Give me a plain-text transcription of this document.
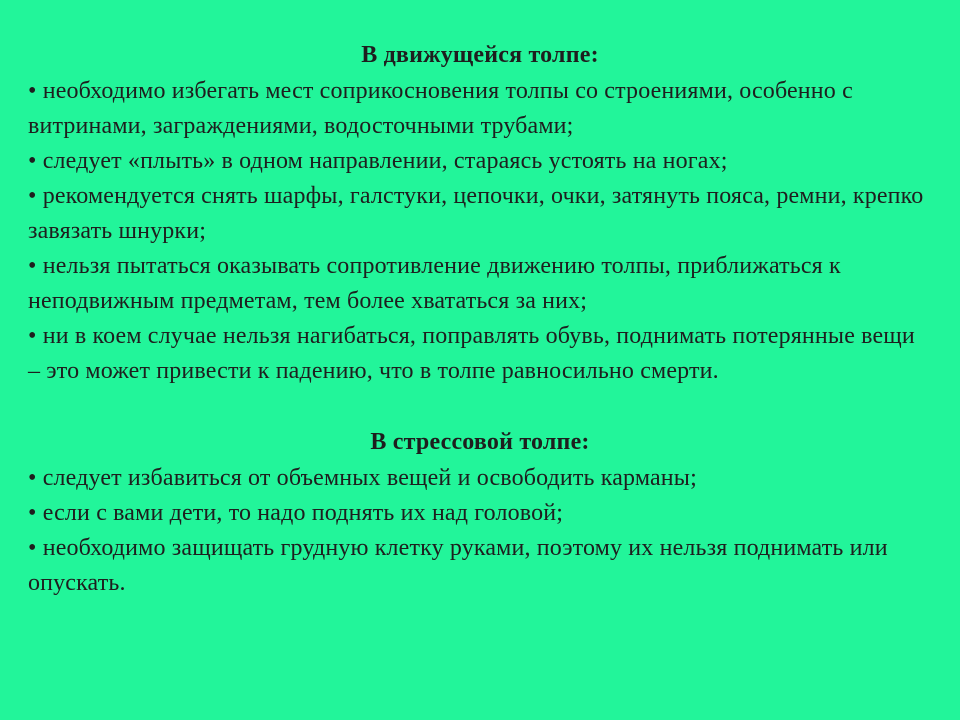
В движущейся толпе:

• необходимо избегать мест соприкосновения толпы со строениями, особенно с витринами, заграждениями, водосточными трубами;

• следует «плыть» в одном направлении, стараясь устоять на ногах;

• рекомендуется снять шарфы, галстуки, цепочки, очки, затянуть пояса, ремни, крепко завязать шнурки;

• нельзя пытаться оказывать сопротивление движению толпы, приближаться к неподвижным предметам, тем более хвататься за них;

• ни в коем случае нельзя нагибаться, поправлять обувь, поднимать потерянные вещи – это может привести к падению, что в толпе равносильно смерти.

В стрессовой толпе:

• следует избавиться от объемных вещей и освободить карманы;

• если с вами дети, то надо поднять их над головой;

• необходимо защищать грудную клетку руками, поэтому их нельзя поднимать или опускать.
